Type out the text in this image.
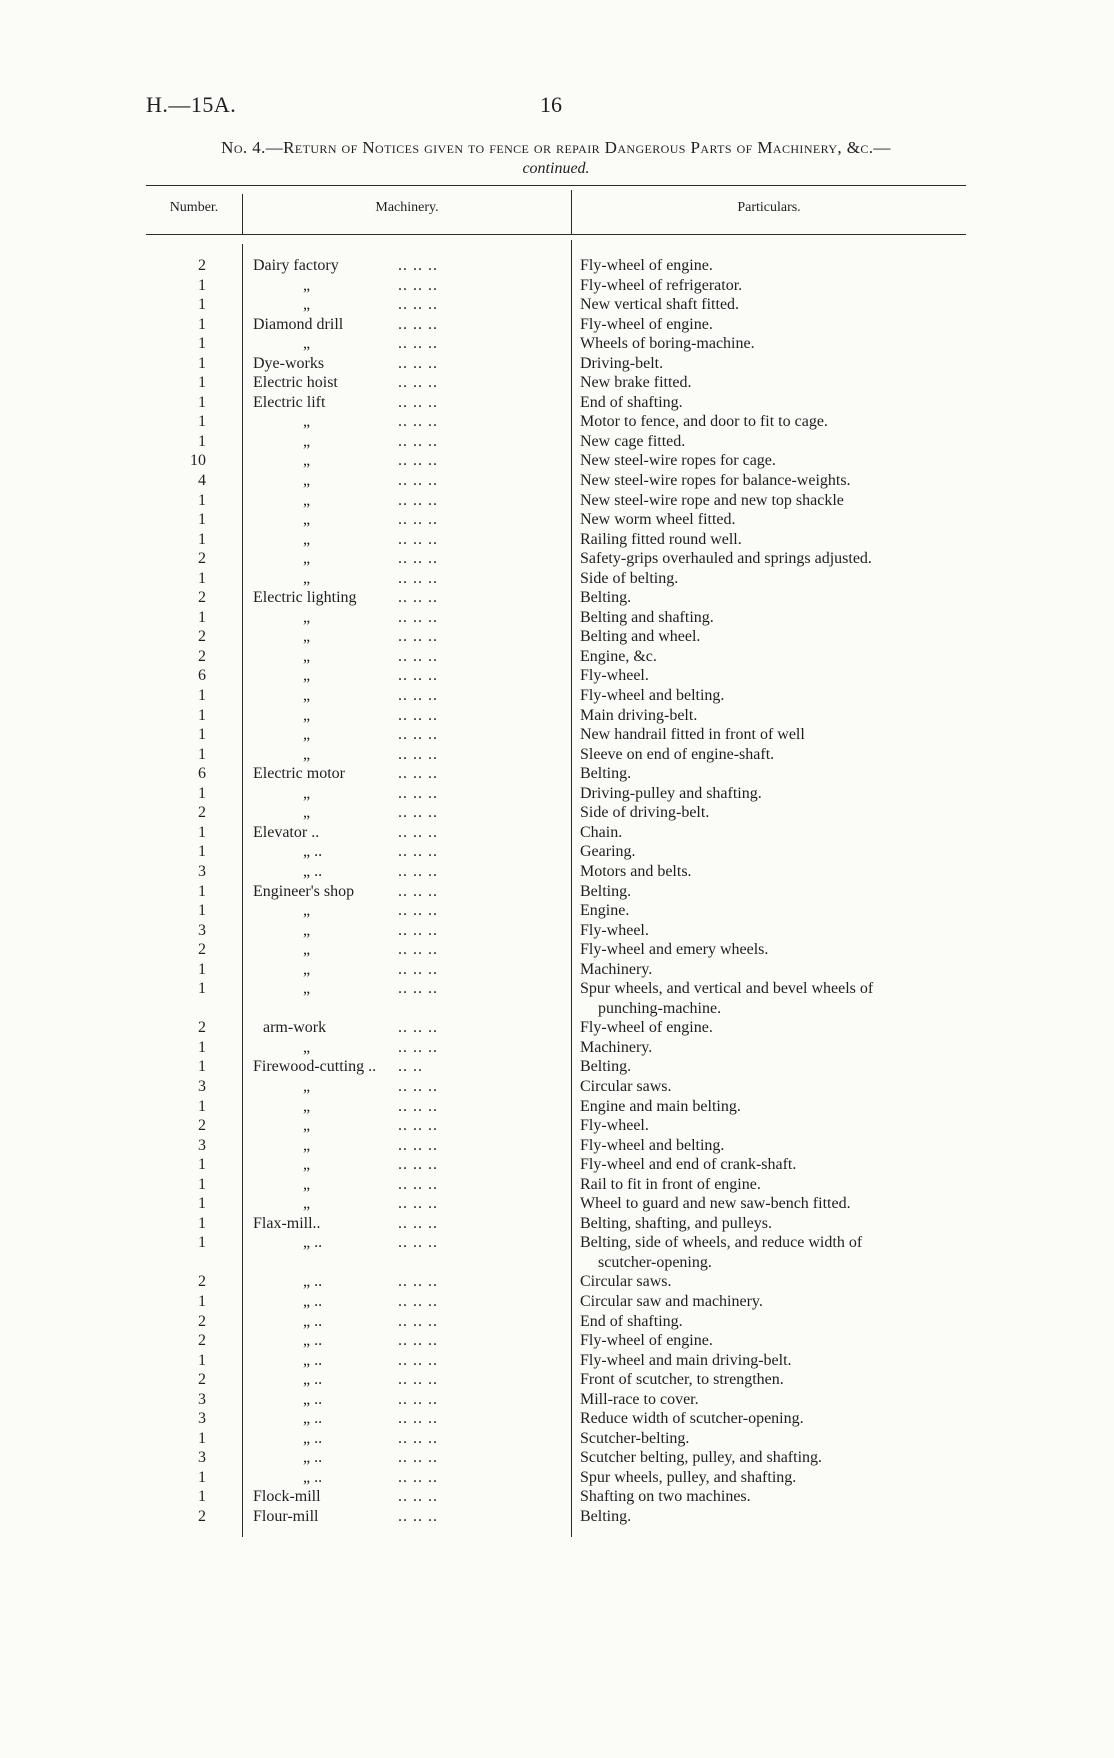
H.—15A.	16
No. 4.—Return of Notices given to fence or repair Dangerous Parts of Machinery, &c.—
continued.
Number.	Machinery.	Particulars.
2	Dairy factory	.. .. ..	Fly-wheel of engine.
1	„	.. .. ..	Fly-wheel of refrigerator.
1	„	.. .. ..	New vertical shaft fitted.
1	Diamond drill	.. .. ..	Fly-wheel of engine.
1	„	.. .. ..	Wheels of boring-machine.
1	Dye-works	.. .. ..	Driving-belt.
1	Electric hoist	.. .. ..	New brake fitted.
1	Electric lift	.. .. ..	End of shafting.
1	„	.. .. ..	Motor to fence, and door to fit to cage.
1	„	.. .. ..	New cage fitted.
10	„	.. .. ..	New steel-wire ropes for cage.
4	„	.. .. ..	New steel-wire ropes for balance-weights.
1	„	.. .. ..	New steel-wire rope and new top shackle
1	„	.. .. ..	New worm wheel fitted.
1	„	.. .. ..	Railing fitted round well.
2	„	.. .. ..	Safety-grips overhauled and springs adjusted.
1	„	.. .. ..	Side of belting.
2	Electric lighting	.. .. ..	Belting.
1	„	.. .. ..	Belting and shafting.
2	„	.. .. ..	Belting and wheel.
2	„	.. .. ..	Engine, &c.
6	„	.. .. ..	Fly-wheel.
1	„	.. .. ..	Fly-wheel and belting.
1	„	.. .. ..	Main driving-belt.
1	„	.. .. ..	New handrail fitted in front of well
1	„	.. .. ..	Sleeve on end of engine-shaft.
6	Electric motor	.. .. ..	Belting.
1	„	.. .. ..	Driving-pulley and shafting.
2	„	.. .. ..	Side of driving-belt.
1	Elevator ..	.. .. ..	Chain.
1	„ ..	.. .. ..	Gearing.
3	„ ..	.. .. ..	Motors and belts.
1	Engineer's shop	.. .. ..	Belting.
1	„	.. .. ..	Engine.
3	„	.. .. ..	Fly-wheel.
2	„	.. .. ..	Fly-wheel and emery wheels.
1	„	.. .. ..	Machinery.
1	„	.. .. ..	Spur wheels, and vertical and bevel wheels of
punching-machine.
2	arm-work	.. .. ..	Fly-wheel of engine.
1	„	.. .. ..	Machinery.
1	Firewood-cutting .. .. ..	Belting.
3	„	.. .. ..	Circular saws.
1	„	.. .. ..	Engine and main belting.
2	„	.. .. ..	Fly-wheel.
3	„	.. .. ..	Fly-wheel and belting.
1	„	.. .. ..	Fly-wheel and end of crank-shaft.
1	„	.. .. ..	Rail to fit in front of engine.
1	„	.. .. ..	Wheel to guard and new saw-bench fitted.
1	Flax-mill..	.. .. ..	Belting, shafting, and pulleys.
1	„ ..	.. .. ..	Belting, side of wheels, and reduce width of
scutcher-opening.
2	„ ..	.. .. ..	Circular saws.
1	„ ..	.. .. ..	Circular saw and machinery.
2	„ ..	.. .. ..	End of shafting.
2	„ ..	.. .. ..	Fly-wheel of engine.
1	„ ..	.. .. ..	Fly-wheel and main driving-belt.
2	„ ..	.. .. ..	Front of scutcher, to strengthen.
3	„ ..	.. .. ..	Mill-race to cover.
3	„ ..	.. .. ..	Reduce width of scutcher-opening.
1	„ ..	.. .. ..	Scutcher-belting.
3	„ ..	.. .. ..	Scutcher belting, pulley, and shafting.
1	„ ..	.. .. ..	Spur wheels, pulley, and shafting.
1	Flock-mill	.. .. ..	Shafting on two machines.
2	Flour-mill	.. .. ..	Belting.
